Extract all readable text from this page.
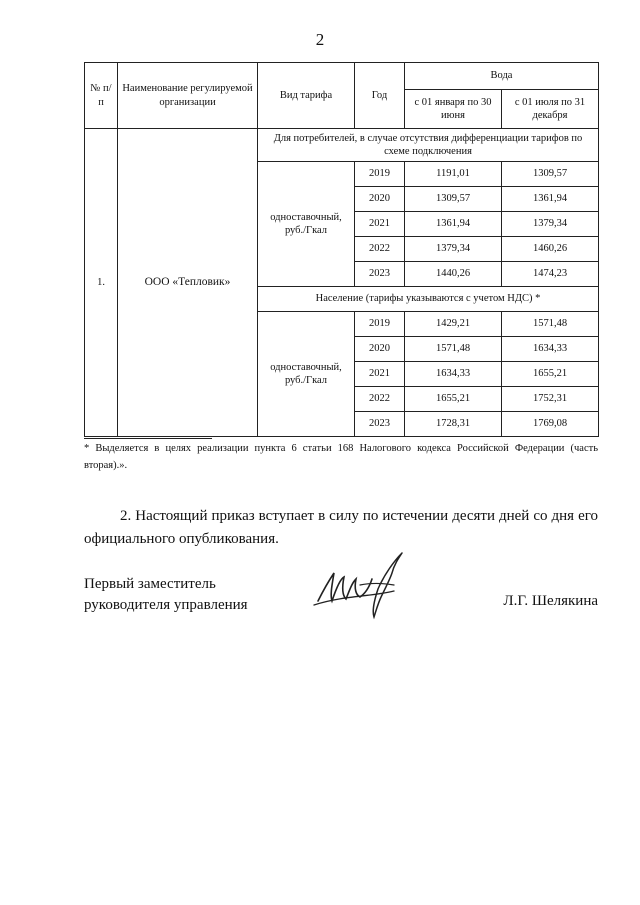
2
№ п/п	Наименование регулируемой организации	Вид тарифа	Год	Вода	
				с 01 января по 30 июня	с 01 июля по 31 декабря
1.	ООО «Тепловик»	Для потребителей, в случае отсутствия дифференциации тарифов по схеме подключения			
		одноставочный, руб./Гкал	2019	1191,01	1309,57
			2020	1309,57	1361,94
			2021	1361,94	1379,34
			2022	1379,34	1460,26
			2023	1440,26	1474,23
		Население (тарифы указываются с учетом НДС) *			
		одноставочный, руб./Гкал	2019	1429,21	1571,48
			2020	1571,48	1634,33
			2021	1634,33	1655,21
			2022	1655,21	1752,31
			2023	1728,31	1769,08
* Выделяется в целях реализации пункта 6 статьи 168 Налогового кодекса Российской Федерации (часть
вторая).».
2. Настоящий приказ вступает в силу по истечении десяти дней со дня его официального опубликования.
Первый заместитель
руководителя управления	Л.Г. Шелякина
